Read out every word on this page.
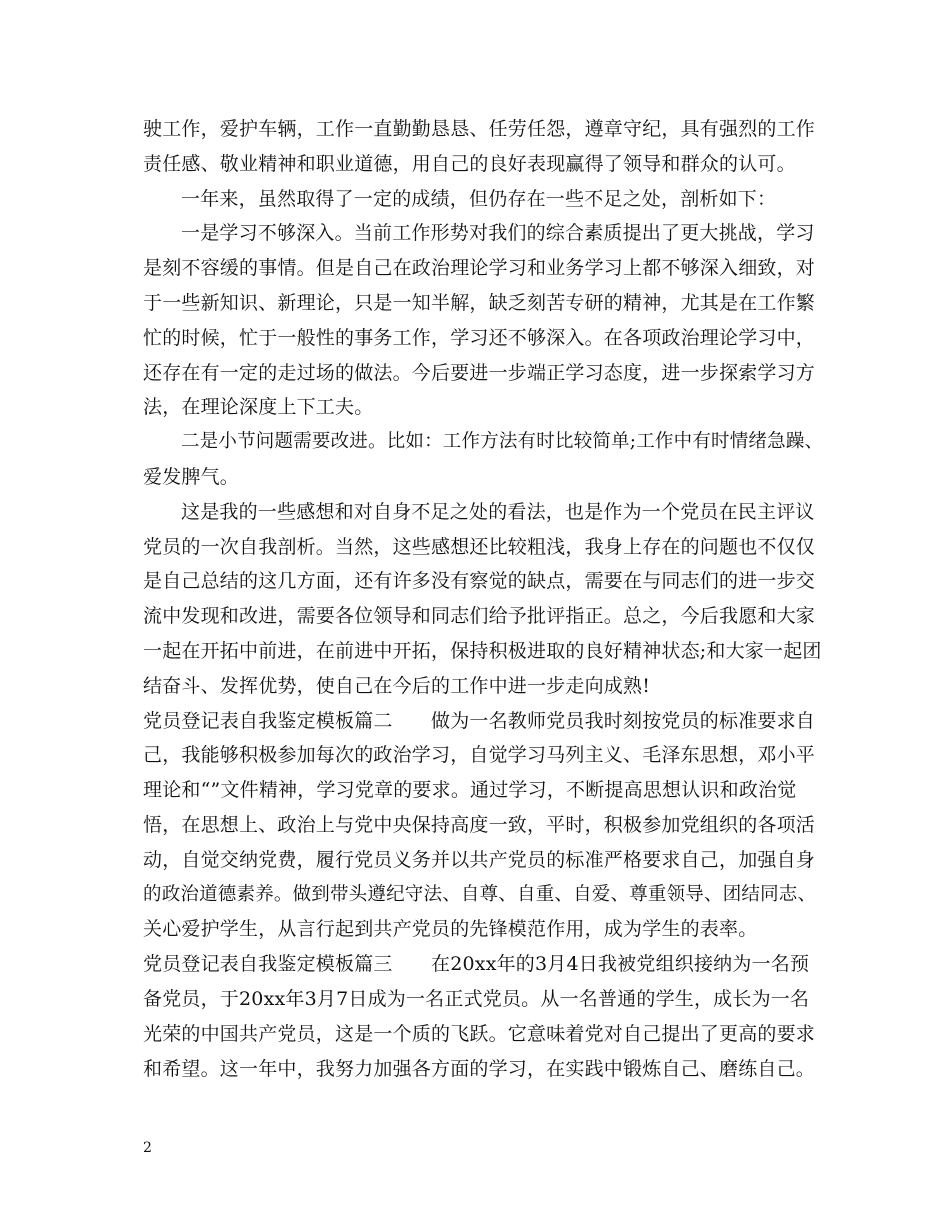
驶工作，爱护车辆，工作一直勤勤恳恳、任劳任怨，遵章守纪，具有强烈的工作
责任感、敬业精神和职业道德，用自己的良好表现赢得了领导和群众的认可。
一年来，虽然取得了一定的成绩，但仍存在一些不足之处，剖析如下：
一是学习不够深入。当前工作形势对我们的综合素质提出了更大挑战，学习
是刻不容缓的事情。但是自己在政治理论学习和业务学习上都不够深入细致，对
于一些新知识、新理论，只是一知半解，缺乏刻苦专研的精神，尤其是在工作繁
忙的时候，忙于一般性的事务工作，学习还不够深入。在各项政治理论学习中，
还存在有一定的走过场的做法。今后要进一步端正学习态度，进一步探索学习方
法，在理论深度上下工夫。
二是小节问题需要改进。比如：工作方法有时比较简单;工作中有时情绪急躁、
爱发脾气。
这是我的一些感想和对自身不足之处的看法，也是作为一个党员在民主评议
党员的一次自我剖析。当然，这些感想还比较粗浅，我身上存在的问题也不仅仅
是自己总结的这几方面，还有许多没有察觉的缺点，需要在与同志们的进一步交
流中发现和改进，需要各位领导和同志们给予批评指正。总之，今后我愿和大家
一起在开拓中前进，在前进中开拓，保持积极进取的良好精神状态;和大家一起团
结奋斗、发挥优势，使自己在今后的工作中进一步走向成熟!
党员登记表自我鉴定模板篇二　　做为一名教师党员我时刻按党员的标准要求自
己，我能够积极参加每次的政治学习，自觉学习马列主义、毛泽东思想，邓小平
理论和“”文件精神，学习党章的要求。通过学习，不断提高思想认识和政治觉
悟，在思想上、政治上与党中央保持高度一致，平时，积极参加党组织的各项活
动，自觉交纳党费，履行党员义务并以共产党员的标准严格要求自己，加强自身
的政治道德素养。做到带头遵纪守法、自尊、自重、自爱、尊重领导、团结同志、
关心爱护学生，从言行起到共产党员的先锋模范作用，成为学生的表率。
党员登记表自我鉴定模板篇三　　在20xx年的3月4日我被党组织接纳为一名预
备党员，于20xx年3月7日成为一名正式党员。从一名普通的学生，成长为一名
光荣的中国共产党员，这是一个质的飞跃。它意味着党对自己提出了更高的要求
和希望。这一年中，我努力加强各方面的学习，在实践中锻炼自己、磨练自己。
2
